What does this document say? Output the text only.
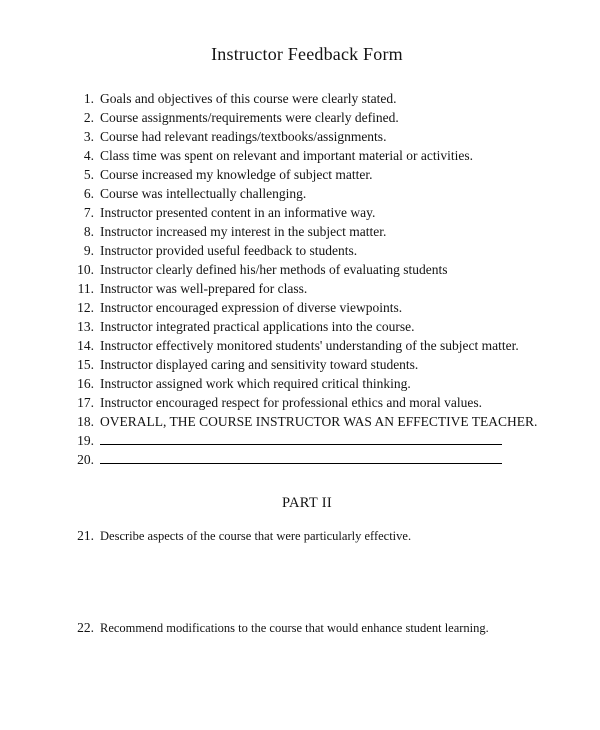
Instructor Feedback Form
1. Goals and objectives of this course were clearly stated.
2. Course assignments/requirements were clearly defined.
3. Course had relevant readings/textbooks/assignments.
4. Class time was spent on relevant and important material or activities.
5. Course increased my knowledge of subject matter.
6. Course was intellectually challenging.
7. Instructor presented content in an informative way.
8. Instructor increased my interest in the subject matter.
9. Instructor provided useful feedback to students.
10. Instructor clearly defined his/her methods of evaluating students
11. Instructor was well-prepared for class.
12. Instructor encouraged expression of diverse viewpoints.
13. Instructor integrated practical applications into the course.
14. Instructor effectively monitored students' understanding of the subject matter.
15. Instructor displayed caring and sensitivity toward students.
16. Instructor assigned work which required critical thinking.
17. Instructor encouraged respect for professional ethics and moral values.
18. OVERALL, THE COURSE INSTRUCTOR WAS AN EFFECTIVE TEACHER.
19.
20.
PART II
21. Describe aspects of the course that were particularly effective.
22. Recommend modifications to the course that would enhance student learning.
